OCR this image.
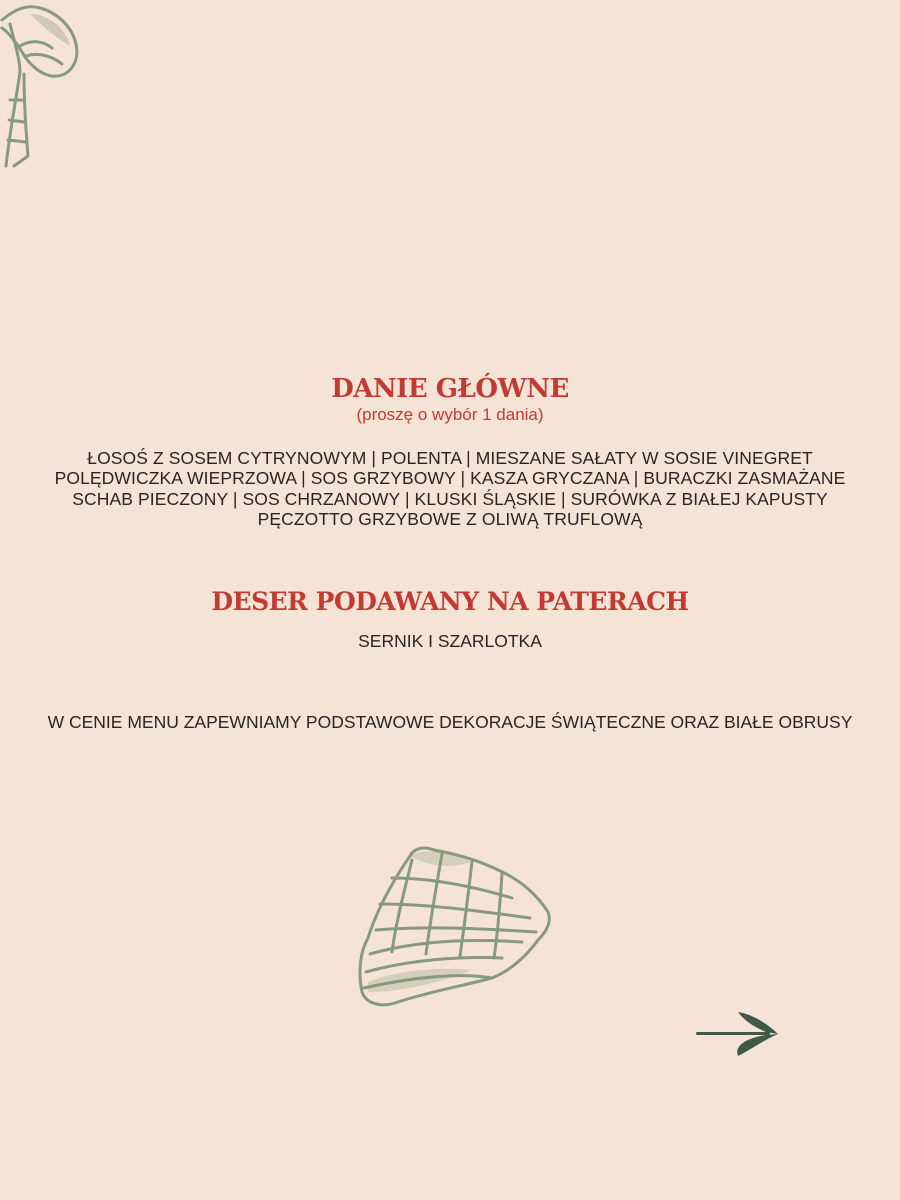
DANIE GŁÓWNE
(proszę o wybór 1 dania)
ŁOSOŚ Z SOSEM CYTRYNOWYM | POLENTA | MIESZANE SAŁATY W SOSIE VINEGRET
POLĘDWICZKA WIEPRZOWA | SOS GRZYBOWY | KASZA GRYCZANA | BURACZKI ZASMAŻANE
SCHAB PIECZONY | SOS CHRZANOWY | KLUSKI ŚLĄSKIE | SURÓWKA Z BIAŁEJ KAPUSTY
PĘCZOTTO GRZYBOWE Z OLIWĄ TRUFLOWĄ
DESER PODAWANY NA PATERACH
SERNIK I SZARLOTKA
W CENIE MENU ZAPEWNIAMY PODSTAWOWE DEKORACJE ŚWIĄTECZNE ORAZ BIAŁE OBRUSY
